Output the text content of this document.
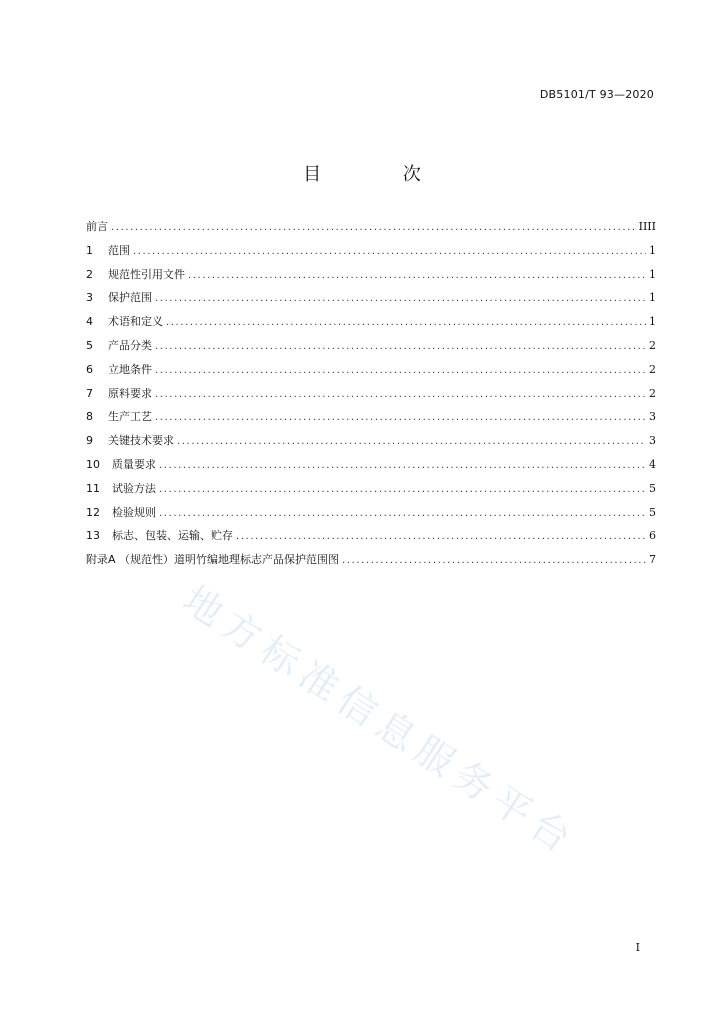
DB5101/T 93—2020
目 次
前言 .....	IIII
1	范围 .....	1
2	规范性引用文件 .....	1
3	保护范围 .....	1
4	术语和定义 .....	1
5	产品分类 .....	2
6	立地条件 .....	2
7	原料要求 .....	2
8	生产工艺 .....	3
9	关键技术要求 .....	3
10	质量要求 .....	4
11	试验方法 .....	5
12	检验规则 .....	5
13	标志、包装、运输、贮存 .....	6
附录A （规范性）道明竹编地理标志产品保护范围图 .....	7
地方标准信息服务平台
I
